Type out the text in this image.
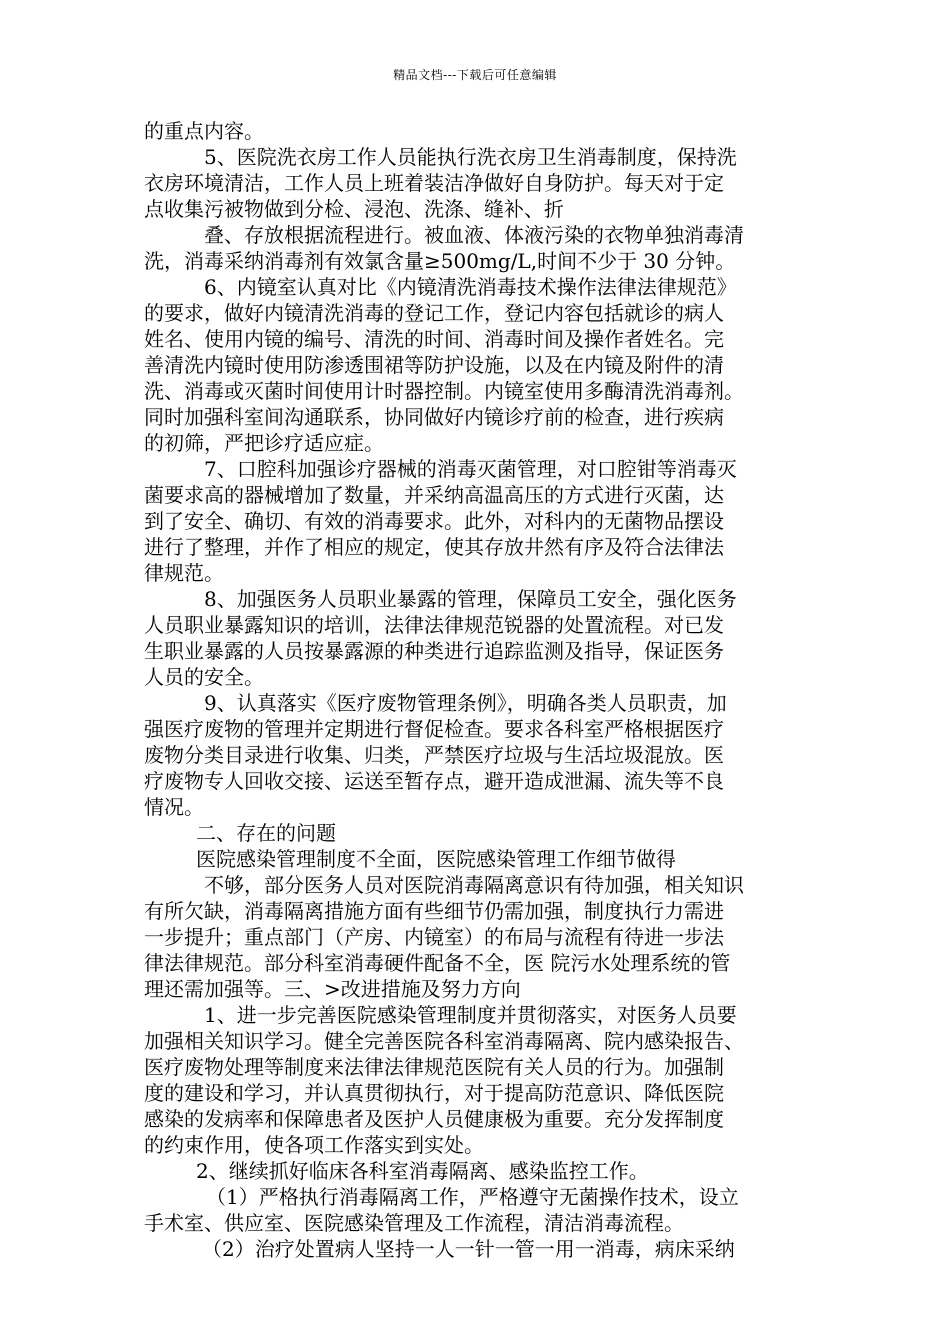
精品文档---下载后可任意编辑
的重点内容。
5、医院洗衣房工作人员能执行洗衣房卫生消毒制度，保持洗
衣房环境清洁，工作人员上班着装洁净做好自身防护。每天对于定
点收集污被物做到分检、浸泡、洗涤、缝补、折
叠、存放根据流程进行。被血液、体液污染的衣物单独消毒清
洗，消毒采纳消毒剂有效氯含量≥500mg/L,时间不少于 30 分钟。
6、内镜室认真对比《内镜清洗消毒技术操作法律法律规范》
的要求，做好内镜清洗消毒的登记工作，登记内容包括就诊的病人
姓名、使用内镜的编号、清洗的时间、消毒时间及操作者姓名。完
善清洗内镜时使用防渗透围裙等防护设施，以及在内镜及附件的清
洗、消毒或灭菌时间使用计时器控制。内镜室使用多酶清洗消毒剂。
同时加强科室间沟通联系，协同做好内镜诊疗前的检查，进行疾病
的初筛，严把诊疗适应症。
7、口腔科加强诊疗器械的消毒灭菌管理，对口腔钳等消毒灭
菌要求高的器械增加了数量，并采纳高温高压的方式进行灭菌，达
到了安全、确切、有效的消毒要求。此外，对科内的无菌物品摆设
进行了整理，并作了相应的规定，使其存放井然有序及符合法律法
律规范。
8、加强医务人员职业暴露的管理，保障员工安全，强化医务
人员职业暴露知识的培训，法律法律规范锐器的处置流程。对已发
生职业暴露的人员按暴露源的种类进行追踪监测及指导，保证医务
人员的安全。
9、认真落实《医疗废物管理条例》，明确各类人员职责，加
强医疗废物的管理并定期进行督促检查。要求各科室严格根据医疗
废物分类目录进行收集、归类，严禁医疗垃圾与生活垃圾混放。医
疗废物专人回收交接、运送至暂存点，避开造成泄漏、流失等不良
情况。
二、存在的问题
医院感染管理制度不全面，医院感染管理工作细节做得
不够，部分医务人员对医院消毒隔离意识有待加强，相关知识
有所欠缺，消毒隔离措施方面有些细节仍需加强，制度执行力需进
一步提升；重点部门（产房、内镜室）的布局与流程有待进一步法
律法律规范。部分科室消毒硬件配备不全，医 院污水处理系统的管
理还需加强等。三、>改进措施及努力方向
1、进一步完善医院感染管理制度并贯彻落实，对医务人员要
加强相关知识学习。健全完善医院各科室消毒隔离、院内感染报告、
医疗废物处理等制度来法律法律规范医院有关人员的行为。加强制
度的建设和学习，并认真贯彻执行，对于提高防范意识、降低医院
感染的发病率和保障患者及医护人员健康极为重要。充分发挥制度
的约束作用，使各项工作落实到实处。
2、继续抓好临床各科室消毒隔离、感染监控工作。
（1）严格执行消毒隔离工作，严格遵守无菌操作技术，设立
手术室、供应室、医院感染管理及工作流程，清洁消毒流程。
（2）治疗处置病人坚持一人一针一管一用一消毒，病床采纳
